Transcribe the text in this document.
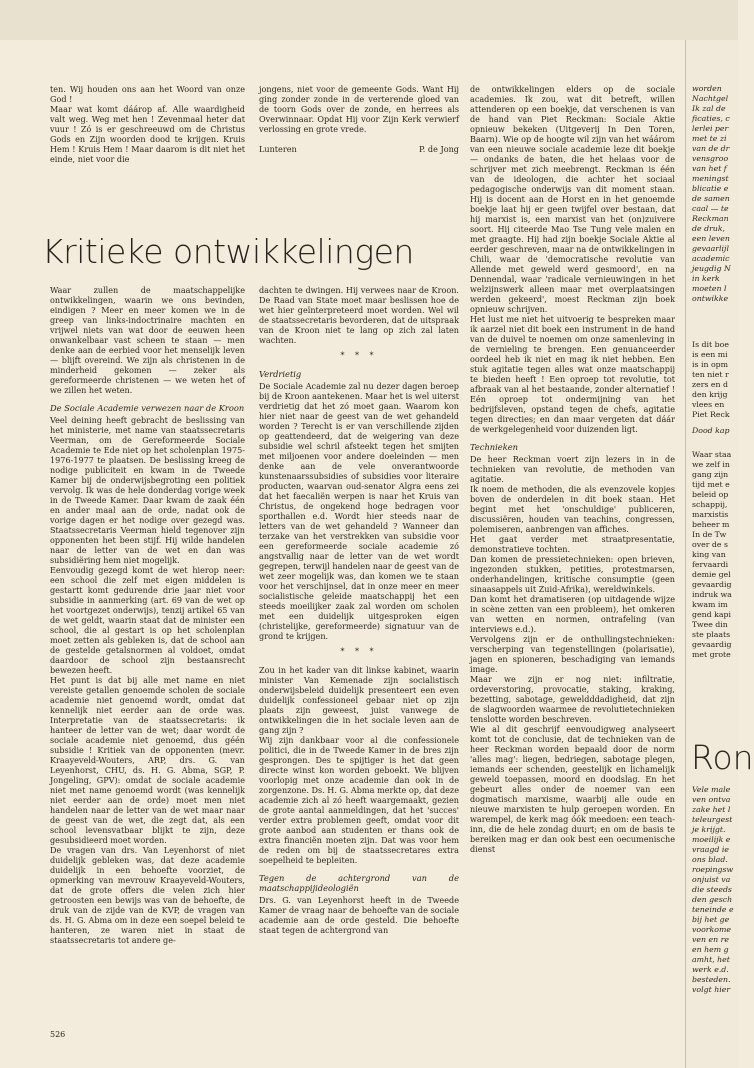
ten. Wij houden ons aan het Woord van onze God !

Maar wat komt dáárop af. Alle waardigheid valt weg. Weg met hen ! Zevenmaal heter dat vuur ! Zó is er geschreeuwd om de Christus Gods en Zijn woorden dood te krijgen. Kruis Hem ! Kruis Hem ! Maar daarom is dit niet het einde, niet voor die

jongens, niet voor de gemeente Gods. Want Hij ging zonder zonde in de verterende gloed van de toorn Gods over de zonde, en herrees als Overwinnaar. Opdat Hij voor Zijn Kerk verwierf verlossing en grote vrede.

Lunteren	P. de Jong
Kritieke ontwikkelingen

Waar zullen de maatschappelijke ontwikkelingen, waarin we ons bevinden, eindigen ? Meer en meer komen we in de greep van links-indoctrinaire machten en vrijwel niets van wat door de eeuwen heen onwankelbaar vast scheen te staan — men denke aan de eerbied voor het menselijk leven — blijft overeind. We zijn als christenen in de minderheid gekomen — zeker als gereformeerde christenen — we weten het of we zillen het weten.

De Sociale Academie verwezen naar de Kroon

Veel deining heeft gebracht de beslissing van het ministerie, met name van staatssecretaris Veerman, om de Gereformeerde Sociale Academie te Ede niet op het scholenplan 1975-1976-1977 te plaatsen. De beslissing kreeg de nodige publiciteit en kwam in de Tweede Kamer bij de onderwijsbegroting een politiek vervolg. Ik was de hele donderdag vorige week in de Tweede Kamer. Daar kwam de zaak één en ander maal aan de orde, nadat ook de vorige dagen er het nodige over gezegd was. Staatssecretaris Veerman hield tegenover zijn opponenten het been stijf. Hij wilde handelen naar de letter van de wet en dan was subsidiëring hem niet mogelijk.

Eenvoudig gezegd komt de wet hierop neer: een school die zelf met eigen middelen is gestartt komt gedurende drie jaar niet voor subsidie in aanmerking (art. 69 van de wet op het voortgezet onderwijs), tenzij artikel 65 van de wet geldt, waarin staat dat de minister een school, die al gestart is op het scholenplan moet zetten als gebleken is, dat de school aan de gestelde getalsnormen al voldoet, omdat daardoor de school zijn bestaansrecht bewezen heeft.

Het punt is dat bij alle met name en niet vereiste getallen genoemde scholen de sociale academie niet genoemd wordt, omdat dat kennelijk niet eerder aan de orde was. Interpretatie van de staatssecretaris: ik hanteer de letter van de wet; daar wordt de sociale academie niet genoemd, dus géén subsidie ! Kritiek van de opponenten (mevr. Kraayeveld-Wouters, ARP, drs. G. van Leyenhorst, CHU, ds. H. G. Abma, SGP, P. Jongeling, GPV): omdat de sociale academie niet met name genoemd wordt (was kennelijk niet eerder aan de orde) moet men niet handelen naar de letter van de wet maar naar de geest van de wet, die zegt dat, als een school levensvatbaar blijkt te zijn, deze gesubsidieerd moet worden.

De vragen van drs. Van Leyenhorst of niet duidelijk gebleken was, dat deze academie duidelijk in een behoefte voorziet, de opmerking van mevrouw Kraayeveld-Wouters, dat de grote offers die velen zich hier getroosten een bewijs was van de behoefte, de druk van de zijde van de KVP, de vragen van ds. H. G. Abma om in deze een soepel beleid te hanteren, ze waren niet in staat de staatssecretaris tot andere ge-

dachten te dwingen. Hij verwees naar de Kroon. De Raad van State moet maar beslissen hoe de wet hier geïnterpreteerd moet worden. Wel wil de staatssecretaris bevorderen, dat de uitspraak van de Kroon niet te lang op zich zal laten wachten.

* * *
Verdrietig

De Sociale Academie zal nu dezer dagen beroep bij de Kroon aantekenen. Maar het is wel uiterst verdrietig dat het zó moet gaan. Waarom kon hier niet naar de geest van de wet gehandeld worden ? Terecht is er van verschillende zijden op geattendeerd, dat de weigering van deze subsidie wel schril afsteekt tegen het smijten met miljoenen voor andere doeleinden — men denke aan de vele onverantwoorde kunstenaarssubsidies of subsidies voor literaire producten, waarvan oud-senator Algra eens zei dat het faecaliën werpen is naar het Kruis van Christus, de ongekend hoge bedragen voor sporthallen e.d. Wordt hier steeds naar de letters van de wet gehandeld ? Wanneer dan terzake van het verstrekken van subsidie voor een gereformeerde sociale academie zó angstvallig naar de letter van de wet wordt gegrepen, terwijl handelen naar de geest van de wet zeer mogelijk was, dan komen we te staan voor het verschijnsel, dat in onze meer en meer socialistische geleide maatschappij het een steeds moeilijker zaak zal worden om scholen met een duidelijk uitgesproken eigen (christelijke, gereformeerde) signatuur van de grond te krijgen.

* * *

Zou in het kader van dit linkse kabinet, waarin minister Van Kemenade zijn socialistisch onderwijsbeleid duidelijk presenteert een even duidelijk confessioneel gebaar niet op zijn plaats zijn geweest, juist vanwege de ontwikkelingen die in het sociale leven aan de gang zijn ?

Wij zijn dankbaar voor al die confessionele politici, die in de Tweede Kamer in de bres zijn gesprongen. Des te spijtiger is het dat geen directe winst kon worden geboekt. We blijven voorlopig met onze academie dan ook in de zorgenzone. Ds. H. G. Abma merkte op, dat deze academie zich al zó heeft waargemaakt, gezien de grote aantal aanmeldingen, dat het 'succes' verder extra problemen geeft, omdat voor dit grote aanbod aan studenten er thans ook de extra financiën moeten zijn. Dat was voor hem de reden om bij de staatssecretares extra soepelheid te bepleiten.

Tegen de achtergrond van de maatschappijideologiën

Drs. G. van Leyenhorst heeft in de Tweede Kamer de vraag naar de behoefte van de sociale academie aan de orde gesteld. Die behoefte staat tegen de achtergrond van

de ontwikkelingen elders op de sociale academies. Ik zou, wat dit betreft, willen attenderen op een boekje, dat verschenen is van de hand van Piet Reckman: Sociale Aktie opnieuw bekeken (Uitgeverij In Den Toren, Baarn). Wie op de hoogte wil zijn van het wáárom van een nieuwe sociale academie leze dit boekje — ondanks de baten, die het helaas voor de schrijver met zich meebrengt. Reckman is één van de ideologen, die achter het sociaal pedagogische onderwijs van dit moment staan. Hij is docent aan de Horst en in het genoemde boekje laat hij er geen twijfel over bestaan, dat hij marxist is, een marxist van het (on)zuivere soort. Hij citeerde Mao Tse Tung vele malen en met graagte. Hij had zijn boekje Sociale Aktie al eerder geschreven, maar na de ontwikkelingen in Chili, waar de 'democratische revolutie van Allende met geweld werd gesmoord', en na Dennendal, waar 'radicale vernieuwingen in het welzijnswerk alleen maar met overplaatsingen werden gekeerd', moest Reckman zijn boek opnieuw schrijven.

Het lust me niet het uitvoerig te bespreken maar ik aarzel niet dit boek een instrument in de hand van de duivel te noemen om onze samenleving in de vernieling te brengen. Een genuanceerder oordeel heb ik niet en mag ik niet hebben. Een stuk agitatie tegen alles wat onze maatschappij te bieden heeft ! Een oproep tot revolutie, tot afbraak van al het bestaande, zonder alternatief ! Eén oproep tot ondermijning van het bedrijfsleven, opstand tegen de chefs, agitatie tegen directies; en dan maar vergeten dat dáár de werkgelegenheid voor duizenden ligt.

Technieken

De heer Reckman voert zijn lezers in in de technieken van revolutie, de methoden van agitatie.

Ik noem de methoden, die als evenzovele kopjes boven de onderdelen in dit boek staan. Het begint met het 'onschuldige' publiceren, discussiëren, houden van teachins, congressen, polemiseren, aanbrengen van affiches.

Het gaat verder met straatpresentatie, demonstratieve tochten.

Dan komen de pressietechnieken: open brieven, ingezonden stukken, petities, protestmarsen, onderhandelingen, kritische consumptie (geen sinaasappels uit Zuid-Afrika), wereldwinkels.

Dan komt het dramatiseren (op uitdagende wijze in scène zetten van een probleem), het omkeren van wetten en normen, ontrafeling (van interviews e.d.).

Vervolgens zijn er de onthullingstechnieken: verscherping van tegenstellingen (polarisatie), jagen en spioneren, beschadiging van iemands image.

Maar we zijn er nog niet: infiltratie, ordeverstoring, provocatie, staking, kraking, bezetting, sabotage, geweldddadigheid, dat zijn de slagwoorden waarmee de revolutietechnieken tenslotte worden beschreven.

Wie al dit geschrijf eenvoudigweg analyseert komt tot de conclusie, dat de technieken van de heer Reckman worden bepaald door de norm 'alles mag': liegen, bedriegen, sabotage plegen, iemands eer schenden, geestelijk en lichamelijk geweld toepassen, moord en doodslag. En het gebeurt alles onder de noemer van een dogmatisch marxisme, waarbij alle oude en nieuwe marxisten te hulp geroepen worden. En warempel, de kerk mag óók meedoen: een teach-inn, die de hele zondag duurt; en om de basis te bereiken mag er dan ook best een oecumenische dienst

526
worden
Nachtgel
Ik zal de
ficaties, c
lerlei per
met te zi
van de dr
vensgroo
van het f
meningst
blicatie e
de samen
caal — te
Reckman
de druk,
een leven
gevaarlijl
academic
jeugdig N
in kerk
moeten l
ontwikke
Is dit boe
is een mi
is in opm
ten niet r
zers en d
den krijg
vlees en
Piet Reck
Dood kap
Waar staa
we zelf in
gang zijn
tijd met e
beleid op
schappij,
marxistis
beheer m
In de Tw
over de s
king van
fervaardi
demie gel
gevaardig
indruk wa
kwam im
gend kapi
Twee din
ste plaats
gevaardig
met grote
Ron
Vele male
ven ontva
zake het l
teleurgest
je krijgt.
moeilijk e
vraagd ie
ons blad.
roepingsw
onjuist va
die steeds
den gesch
teneinde e
bij het ge
voorkome
ven en re
en hem g
amht, het
werk e.d.
besteden.
volgt hier
